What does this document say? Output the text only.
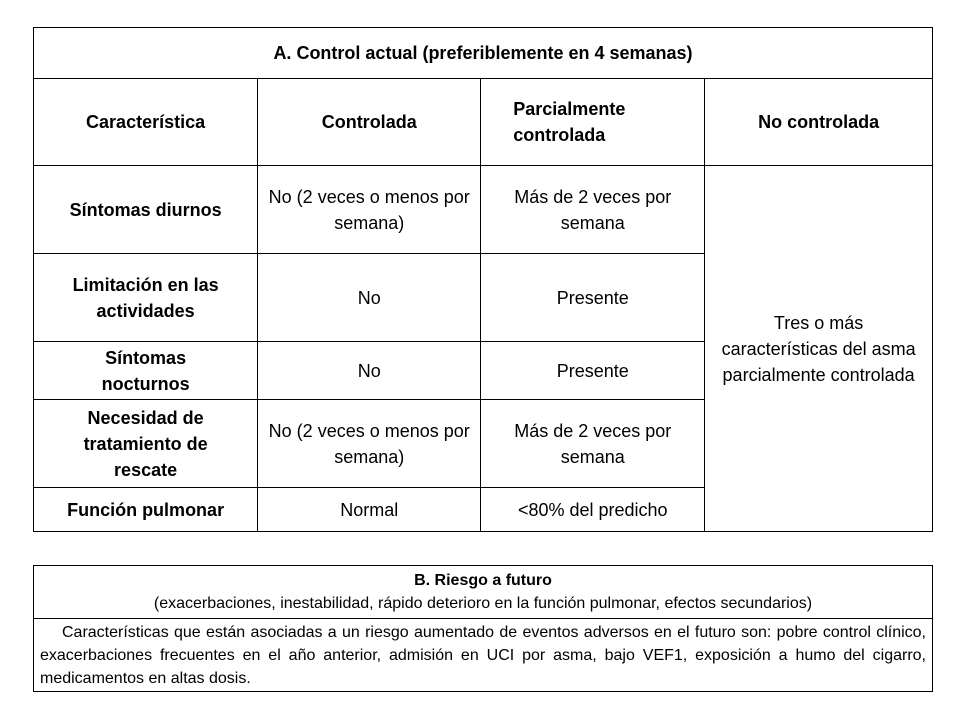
A. Control actual (preferiblemente en 4 semanas)			
Característica	Controlada	Parcialmente controlada	No controlada
Síntomas diurnos	No (2 veces o menos por semana)	Más de 2 veces por semana	Tres o más características del asma parcialmente controlada

Limitación en las actividades	No	Presente	

Síntomas nocturnos	No	Presente	

Necesidad de tratamiento de rescate	No (2 veces o menos por semana)	Más de 2 veces por semana	

Función pulmonar	Normal	<80% del predicho	
B. Riesgo a futuro
(exacerbaciones, inestabilidad, rápido deterioro en la función pulmonar, efectos secundarios)

Características que están asociadas a un riesgo aumentado de eventos adversos en el futuro son: pobre control clínico, exacerbaciones frecuentes en el año anterior, admisión en UCI por asma, bajo VEF1, exposición a humo del cigarro, medicamentos en altas dosis.
